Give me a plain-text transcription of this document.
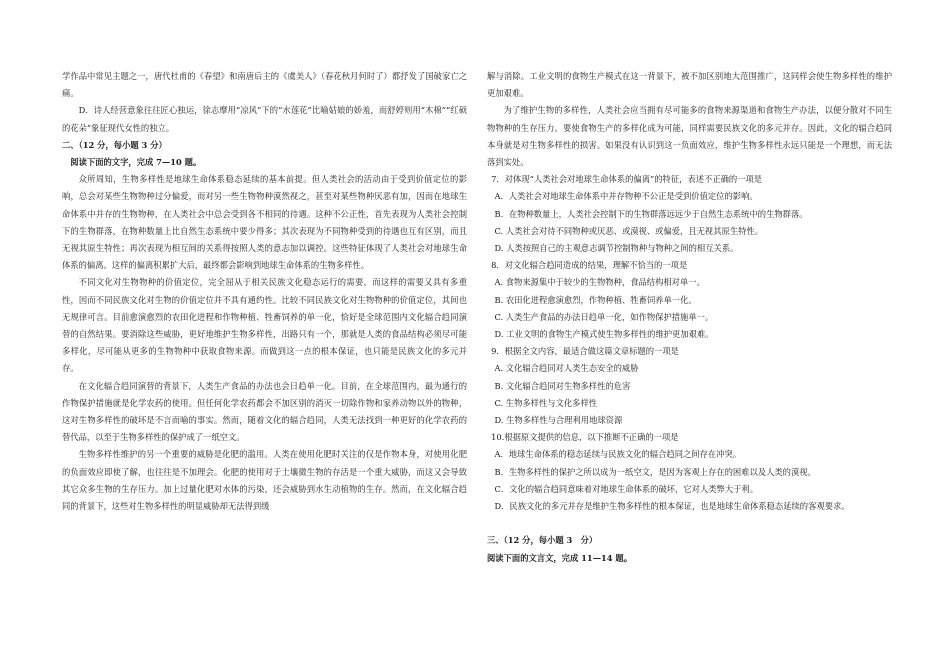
学作品中常见主题之一，唐代杜甫的《春望》和南唐后主的《虞美人》（春花秋月何时了）都抒发了国破家亡之痛。

D．诗人经营意象往往匠心独运，徐志摩用“凉风”下的“水莲花”比喻姑娘的娇羞，而舒婷则用“木棉”“红硕的花朵”象征现代女性的独立。

二、（12 分，每小题 3 分）

阅读下面的文字，完成 7—10 题。

众所周知，生物多样性是地球生命体系稳态延续的基本前提。但人类社会的活动由于受到价值定位的影响，总会对某些生物物种过分偏爱，而对另一些生物物种漠然视之，甚至对某些物种厌恶有加，因而在地球生命体系中并存的生物物种，在人类社会中总会受到各不相同的待遇。这种不公正性，首先表现为人类社会控制下的生物群落，在物种数量上比自然生态系统中要少得多；其次表现为不同物种受到的待遇也互有区别，而且无视其原生特性；再次表现为相互间的关系得按照人类的意志加以调控。这些特征体现了人类社会对地球生命体系的偏离。这样的偏离积累扩大后，最终都会影响到地球生命体系的生物多样性。

不同文化对生物物种的价值定位，完全屈从于相关民族文化稳态运行的需要，而这样的需要又具有多重性，因而不同民族文化对生物的价值定位并不具有通约性。比较不同民族文化对生物物种的价值定位，其间也无规律可言。目前愈演愈烈的农田化进程和作物种植、牲畜饲养的单一化，恰好是全球范围内文化辐合趋同演替的自然结果。要消除这些威胁，更好地维护生物多样性，出路只有一个，那就是人类的食品结构必须尽可能多样化，尽可能从更多的生物物种中获取食物来源。而做到这一点的根本保证，也只能是民族文化的多元并存。

在文化辐合趋同演替的背景下，人类生产食品的办法也会日趋单一化。目前，在全球范围内，最为通行的作物保护措施就是化学农药的使用。但任何化学农药都会不加区别的消灭一切除作物和家养动物以外的物种，这对生物多样性的破坏是不言而喻的事实。然而，随着文化的辐合趋同，人类无法找到一种更好的化学农药的替代品，以至于生物多样性的保护成了一纸空文。

生物多样性维护的另一个重要的威胁是化肥的滥用。人类在使用化肥时关注的仅是作物本身，对使用化肥的负面效应即使了解，也往往是不加理会。化肥的使用对于土壤微生物的存活是一个重大威胁，而这又会导致其它众多生物的生存压力。加上过量化肥对水体的污染，还会威胁到水生动植物的生存。然而，在文化辐合趋同的背景下，这些对生物多样性的明显威胁却无法得到缓

解与消除。工业文明的食物生产模式在这一背景下，被不加区别地大范围推广，这同样会使生物多样性的维护更加艰难。

为了维护生物的多样性，人类社会应当拥有尽可能多的食物来源渠道和食物生产办法，以便分散对不同生物物种的生存压力。要使食物生产的多样化成为可能，同样需要民族文化的多元并存。因此，文化的辐合趋同本身就是对生物多样性的损害。如果没有认识到这一负面效应，维护生物多样性永远只能是一个理想，而无法落到实处。

7．对体现“人类社会对地球生命体系的偏离”的特征，表述不正确的一项是

A．人类社会对地球生命体系中并存物种不公正是受到价值定位的影响。

B．在物种数量上，人类社会控制下的生物群落远远少于自然生态系统中的生物群落。

C. 人类社会对待不同物种或厌恶、或漠视、或偏爱，且无视其原生特性。

D. 人类按照自己的主观意志调节控制物种与物种之间的相互关系。

8．对文化辐合趋同造成的结果，理解不恰当的一项是

A. 食物来源集中于较少的生物物种，食品结构相对单一。

B. 农田化进程愈演愈烈，作物种植、牲畜饲养单一化。

C. 人类生产食品的办法日趋单一化，如作物保护措施单一。

D. 工业文明的食物生产模式使生物多样性的维护更加艰难。

9．根据全文内容，最适合做这篇文章标题的一项是

A. 文化辐合趋同对人类生态安全的威胁

B. 文化辐合趋同对生物多样性的危害

C. 生物多样性与文化多样性

D. 生物多样性与合理利用地球资源

10.根据原文提供的信息，以下推断不正确的一项是

A．地球生命体系的稳态延续与民族文化的辐合趋同之间存在冲突。

B．生物多样性的保护之所以成为一纸空文，是因为客观上存在的困难以及人类的漠视。

C．文化的辐合趋同意味着对地球生命体系的破坏，它对人类弊大于利。

D．民族文化的多元并存是维护生物多样性的根本保证，也是地球生命体系稳态延续的客观要求。

三、（12 分，每小题 3　分）

阅读下面的文言文，完成 11—14 题。
